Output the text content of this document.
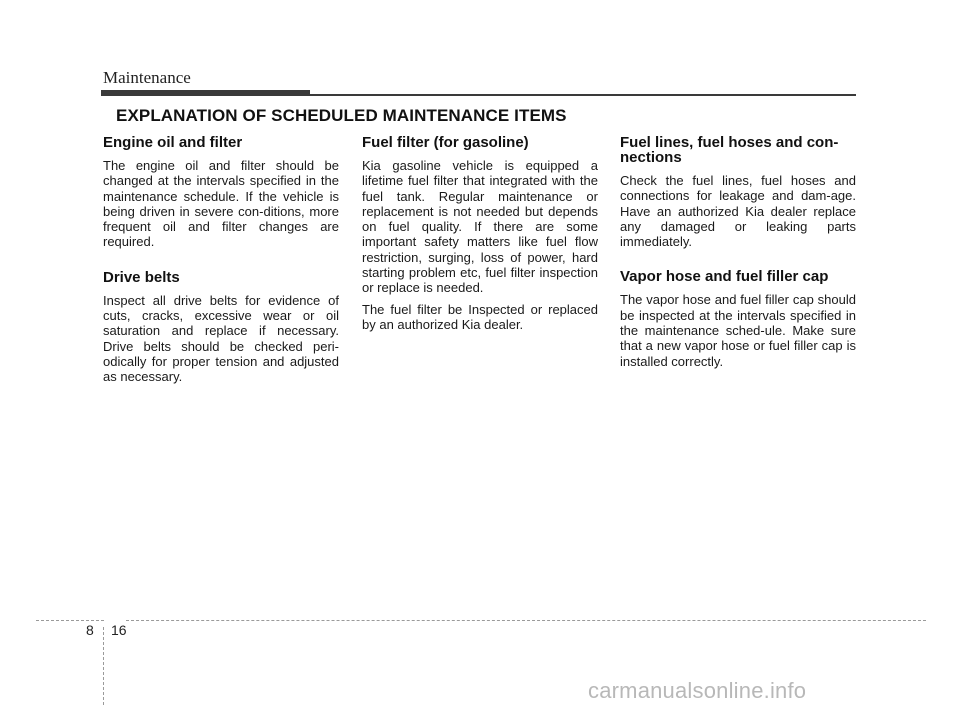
Maintenance
EXPLANATION OF SCHEDULED MAINTENANCE ITEMS
Engine oil and filter

The engine oil and filter should be changed at the intervals specified in the maintenance schedule. If the vehicle is being driven in severe con-ditions, more frequent oil and filter changes are required.

Drive belts

Inspect all drive belts for evidence of cuts, cracks, excessive wear or oil saturation and replace if necessary. Drive belts should be checked peri-odically for proper tension and adjusted as necessary.

Fuel filter (for gasoline)

Kia gasoline vehicle is equipped a lifetime fuel filter that integrated with the fuel tank. Regular maintenance or replacement is not needed but depends on fuel quality. If there are some important safety matters like fuel flow restriction, surging, loss of power, hard starting problem etc, fuel filter inspection or replace is needed.

The fuel filter be Inspected or replaced by an authorized Kia dealer.

Fuel lines, fuel hoses and con-nections

Check the fuel lines, fuel hoses and connections for leakage and dam-age. Have an authorized Kia dealer replace any damaged or leaking parts immediately.

Vapor hose and fuel filler cap

The vapor hose and fuel filler cap should be inspected at the intervals specified in the maintenance sched-ule. Make sure that a new vapor hose or fuel filler cap is installed correctly.

8 16
carmanualsonline.info
